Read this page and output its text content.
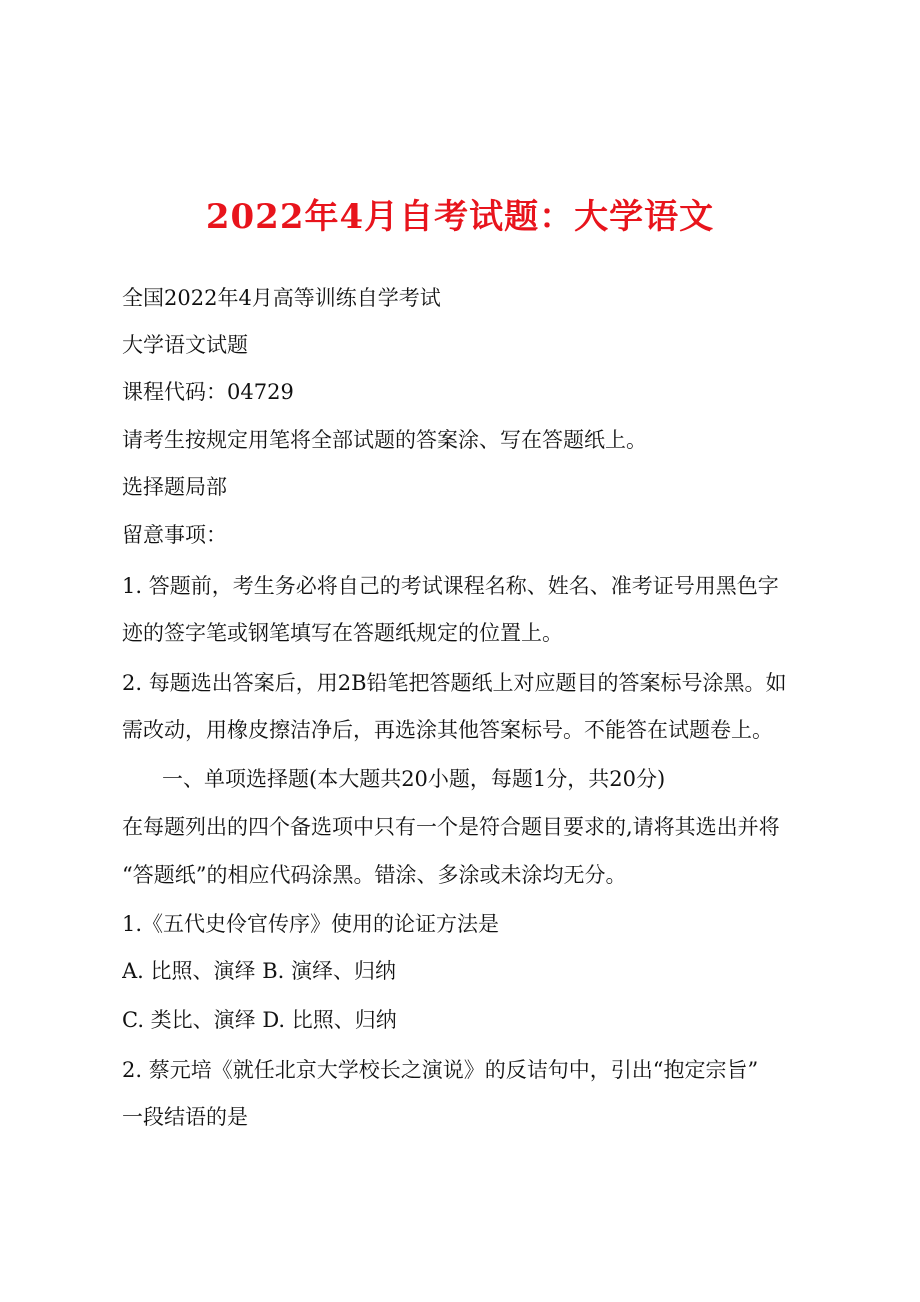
2022年4月自考试题：大学语文
全国2022年4月高等训练自学考试
大学语文试题
课程代码：04729
请考生按规定用笔将全部试题的答案涂、写在答题纸上。
选择题局部
留意事项：
1. 答题前，考生务必将自己的考试课程名称、姓名、准考证号用黑色字
迹的签字笔或钢笔填写在答题纸规定的位置上。
2. 每题选出答案后，用2B铅笔把答题纸上对应题目的答案标号涂黑。如
需改动，用橡皮擦洁净后，再选涂其他答案标号。不能答在试题卷上。
一、单项选择题(本大题共20小题，每题1分，共20分)
在每题列出的四个备选项中只有一个是符合题目要求的,请将其选出并将
“答题纸”的相应代码涂黑。错涂、多涂或未涂均无分。
1.《五代史伶官传序》使用的论证方法是
A. 比照、演绎 B. 演绎、归纳
C. 类比、演绎 D. 比照、归纳
2. 蔡元培《就任北京大学校长之演说》的反诘句中，引出“抱定宗旨”
一段结语的是
